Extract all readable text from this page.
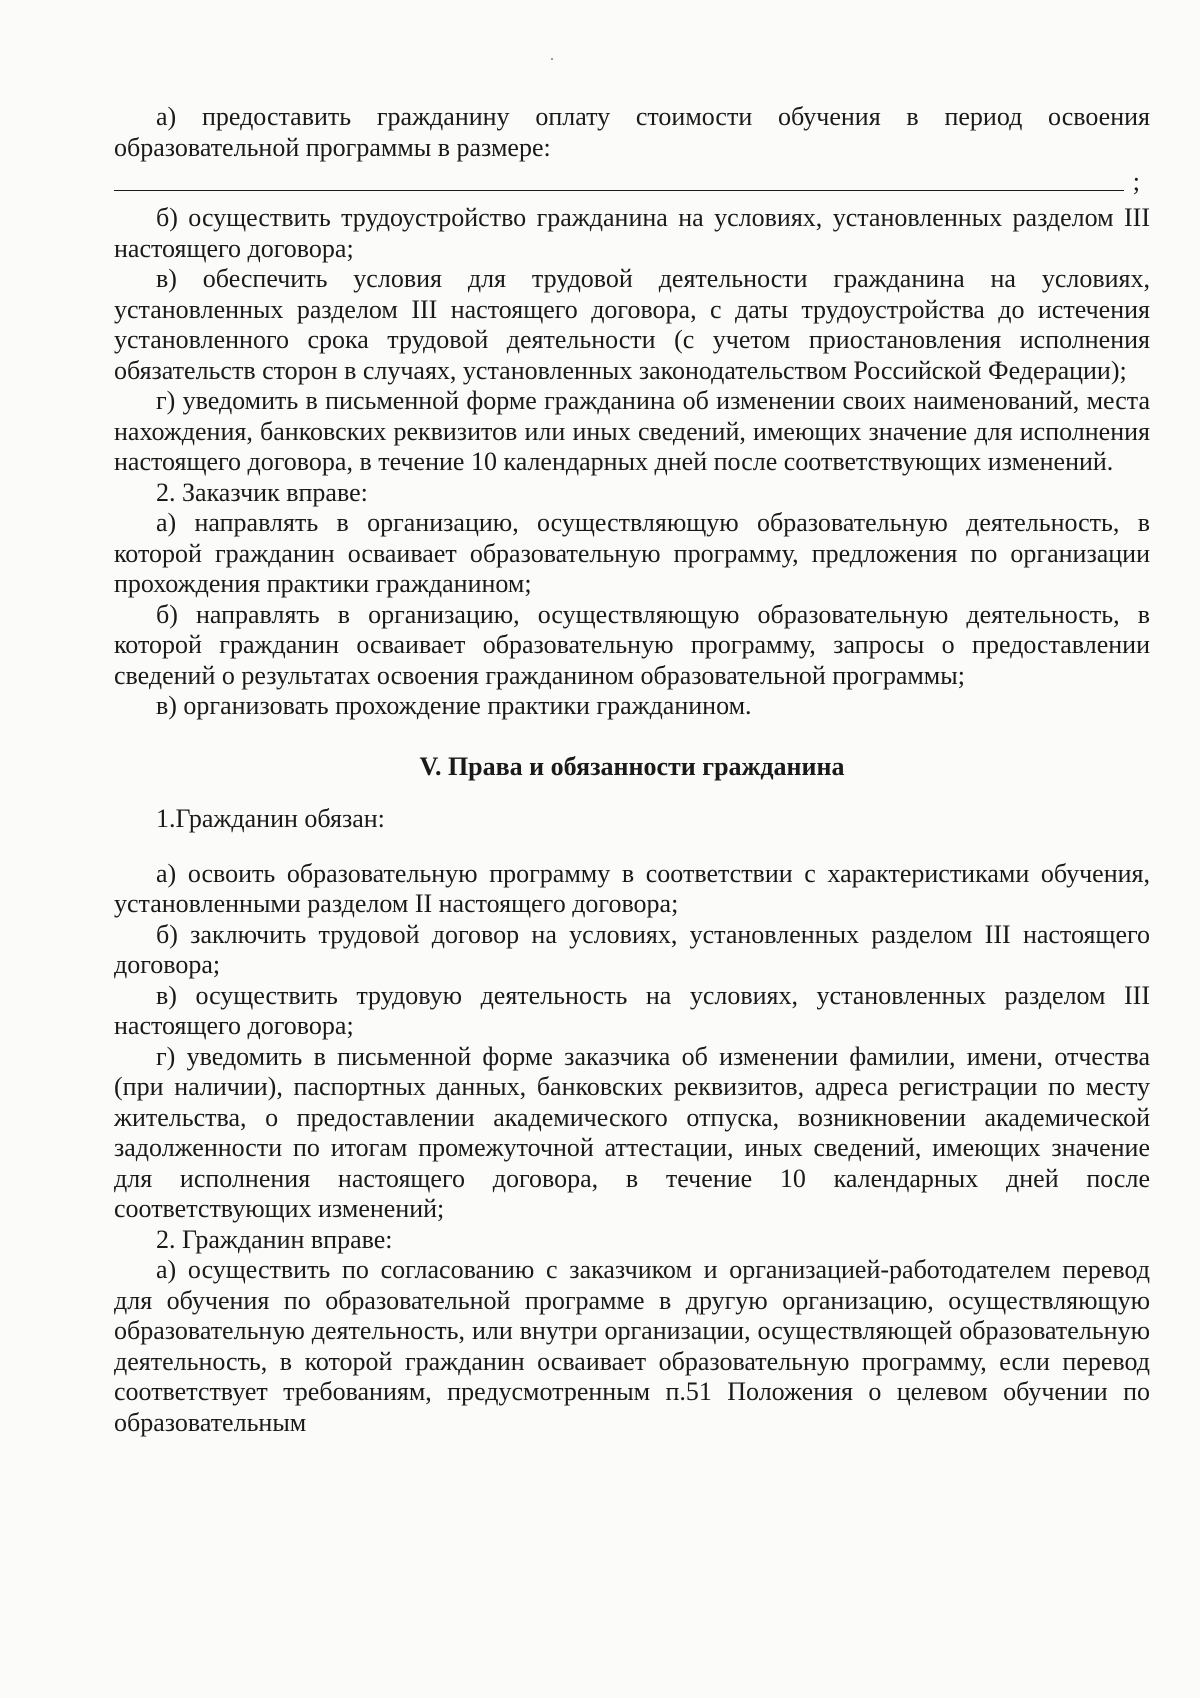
а) предоставить гражданину оплату стоимости обучения в период освоения образовательной программы в размере:

;

б) осуществить трудоустройство гражданина на условиях, установленных разделом III настоящего договора;

в) обеспечить условия для трудовой деятельности гражданина на условиях, установленных разделом III настоящего договора, с даты трудоустройства до истечения установленного срока трудовой деятельности (с учетом приостановления исполнения обязательств сторон в случаях, установленных законодательством Российской Федерации);

г) уведомить в письменной форме гражданина об изменении своих наименований, места нахождения, банковских реквизитов или иных сведений, имеющих значение для исполнения настоящего договора, в течение 10 календарных дней после соответствующих изменений.

2. Заказчик вправе:

а) направлять в организацию, осуществляющую образовательную деятельность, в которой гражданин осваивает образовательную программу, предложения по организации прохождения практики гражданином;

б) направлять в организацию, осуществляющую образовательную деятельность, в которой гражданин осваивает образовательную программу, запросы о предоставлении сведений о результатах освоения гражданином образовательной программы;

в) организовать прохождение практики гражданином.

V. Права и обязанности гражданина

1.Гражданин обязан:

а) освоить образовательную программу в соответствии с характеристиками обучения, установленными разделом II настоящего договора;

б) заключить трудовой договор на условиях, установленных разделом III настоящего договора;

в) осуществить трудовую деятельность на условиях, установленных разделом III настоящего договора;

г) уведомить в письменной форме заказчика об изменении фамилии, имени, отчества (при наличии), паспортных данных, банковских реквизитов, адреса регистрации по месту жительства, о предоставлении академического отпуска, возникновении академической задолженности по итогам промежуточной аттестации, иных сведений, имеющих значение для исполнения настоящего договора, в течение 10 календарных дней после соответствующих изменений;

2. Гражданин вправе:

а) осуществить по согласованию с заказчиком и организацией-работодателем перевод для обучения по образовательной программе в другую организацию, осуществляющую образовательную деятельность, или внутри организации, осуществляющей образовательную деятельность, в которой гражданин осваивает образовательную программу, если перевод соответствует требованиям, предусмотренным п.51 Положения о целевом обучении по образовательным
